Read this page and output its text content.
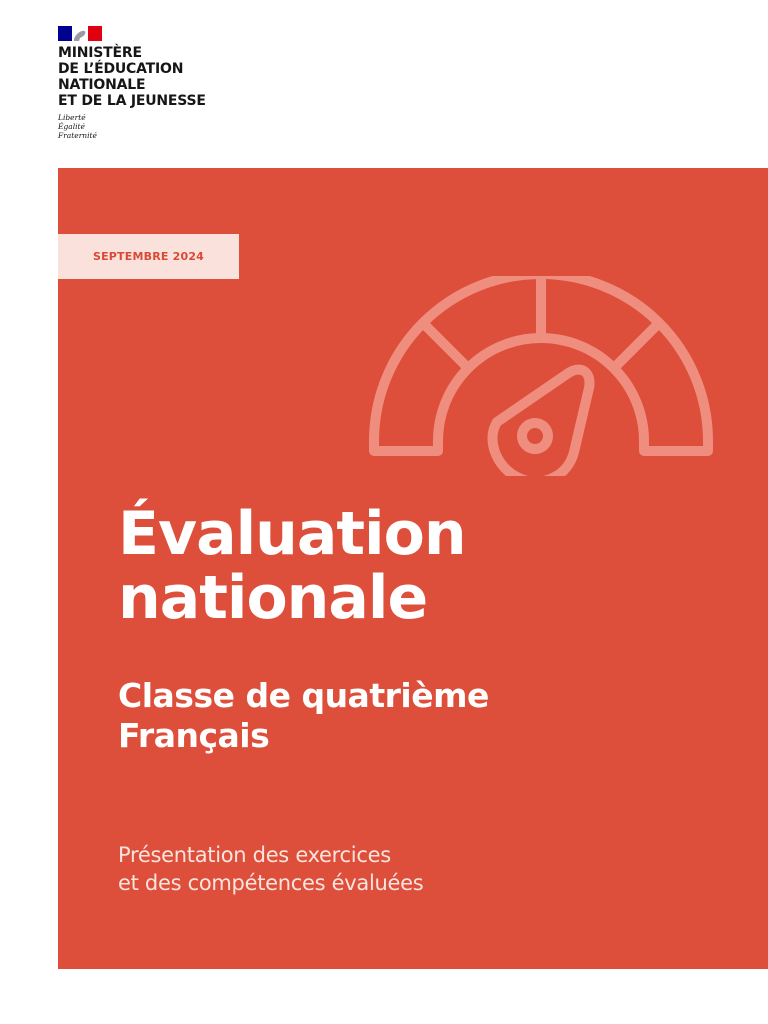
MINISTÈRE
DE L’ÉDUCATION
NATIONALE
ET DE LA JEUNESSE
Liberté
Égalité
Fraternité
SEPTEMBRE 2024
Évaluation
nationale
Classe de quatrième
Français
Présentation des exercices
et des compétences évaluées
